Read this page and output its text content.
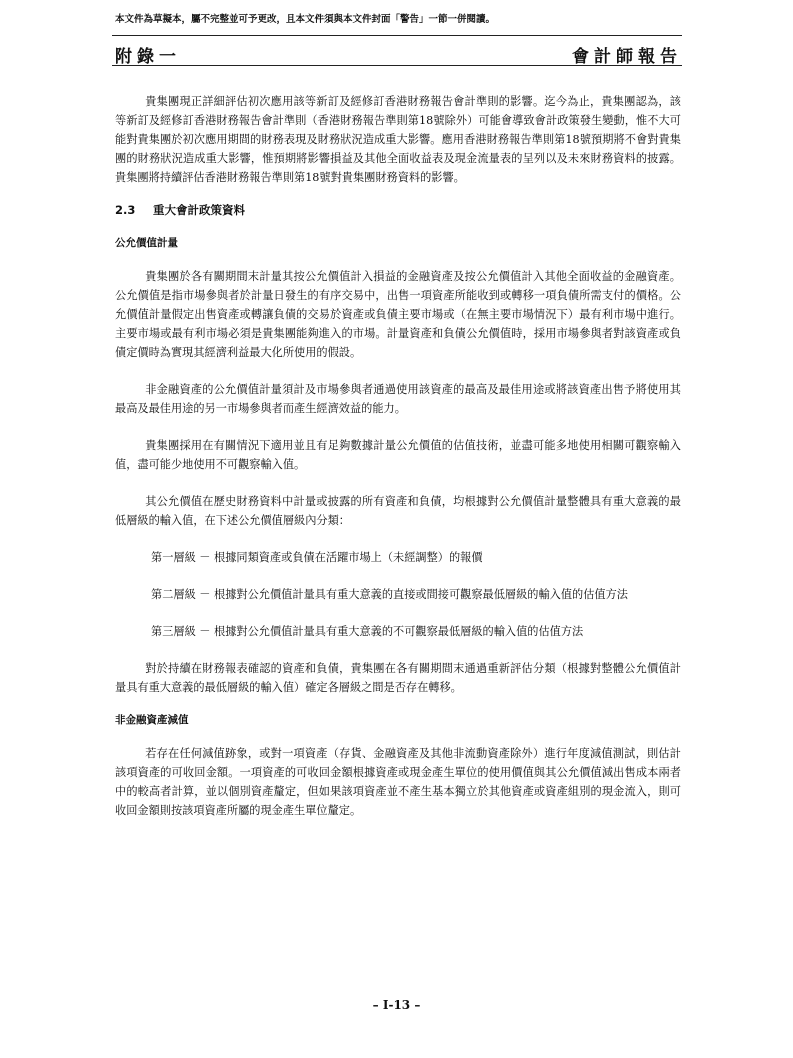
本文件為草擬本，屬不完整並可予更改，且本文件須與本文件封面「警告」一節一併閱讀。
附錄一	會計師報告

貴集團現正詳細評估初次應用該等新訂及經修訂香港財務報告會計準則的影響。迄今為止，貴集團認為，該等新訂及經修訂香港財務報告會計準則（香港財務報告準則第18號除外）可能會導致會計政策發生變動，惟不大可能對貴集團於初次應用期間的財務表現及財務狀況造成重大影響。應用香港財務報告準則第18號預期將不會對貴集團的財務狀況造成重大影響，惟預期將影響損益及其他全面收益表及現金流量表的呈列以及未來財務資料的披露。貴集團將持續評估香港財務報告準則第18號對貴集團財務資料的影響。

2.3 重大會計政策資料
公允價值計量

貴集團於各有關期間末計量其按公允價值計入損益的金融資產及按公允價值計入其他全面收益的金融資產。公允價值是指市場參與者於計量日發生的有序交易中，出售一項資產所能收到或轉移一項負債所需支付的價格。公允價值計量假定出售資產或轉讓負債的交易於資產或負債主要市場或（在無主要市場情況下）最有利市場中進行。主要市場或最有利市場必須是貴集團能夠進入的市場。計量資產和負債公允價值時，採用市場參與者對該資產或負債定價時為實現其經濟利益最大化所使用的假設。

非金融資產的公允價值計量須計及市場參與者通過使用該資產的最高及最佳用途或將該資產出售予將使用其最高及最佳用途的另一市場參與者而產生經濟效益的能力。

貴集團採用在有關情況下適用並且有足夠數據計量公允價值的估值技術，並盡可能多地使用相關可觀察輸入值，盡可能少地使用不可觀察輸入值。

其公允價值在歷史財務資料中計量或披露的所有資產和負債，均根據對公允價值計量整體具有重大意義的最低層級的輸入值，在下述公允價值層級內分類：

第一層級 － 根據同類資產或負債在活躍市場上（未經調整）的報價

第二層級 － 根據對公允價值計量具有重大意義的直接或間接可觀察最低層級的輸入值的估值方法

第三層級 － 根據對公允價值計量具有重大意義的不可觀察最低層級的輸入值的估值方法

對於持續在財務報表確認的資產和負債，貴集團在各有關期間末通過重新評估分類（根據對整體公允價值計量具有重大意義的最低層級的輸入值）確定各層級之間是否存在轉移。

非金融資產減值

若存在任何減值跡象，或對一項資產（存貨、金融資產及其他非流動資產除外）進行年度減值測試，則估計該項資產的可收回金額。一項資產的可收回金額根據資產或現金產生單位的使用價值與其公允價值減出售成本兩者中的較高者計算，並以個別資產釐定，但如果該項資產並不產生基本獨立於其他資產或資產組別的現金流入，則可收回金額則按該項資產所屬的現金產生單位釐定。

– I-13 –
